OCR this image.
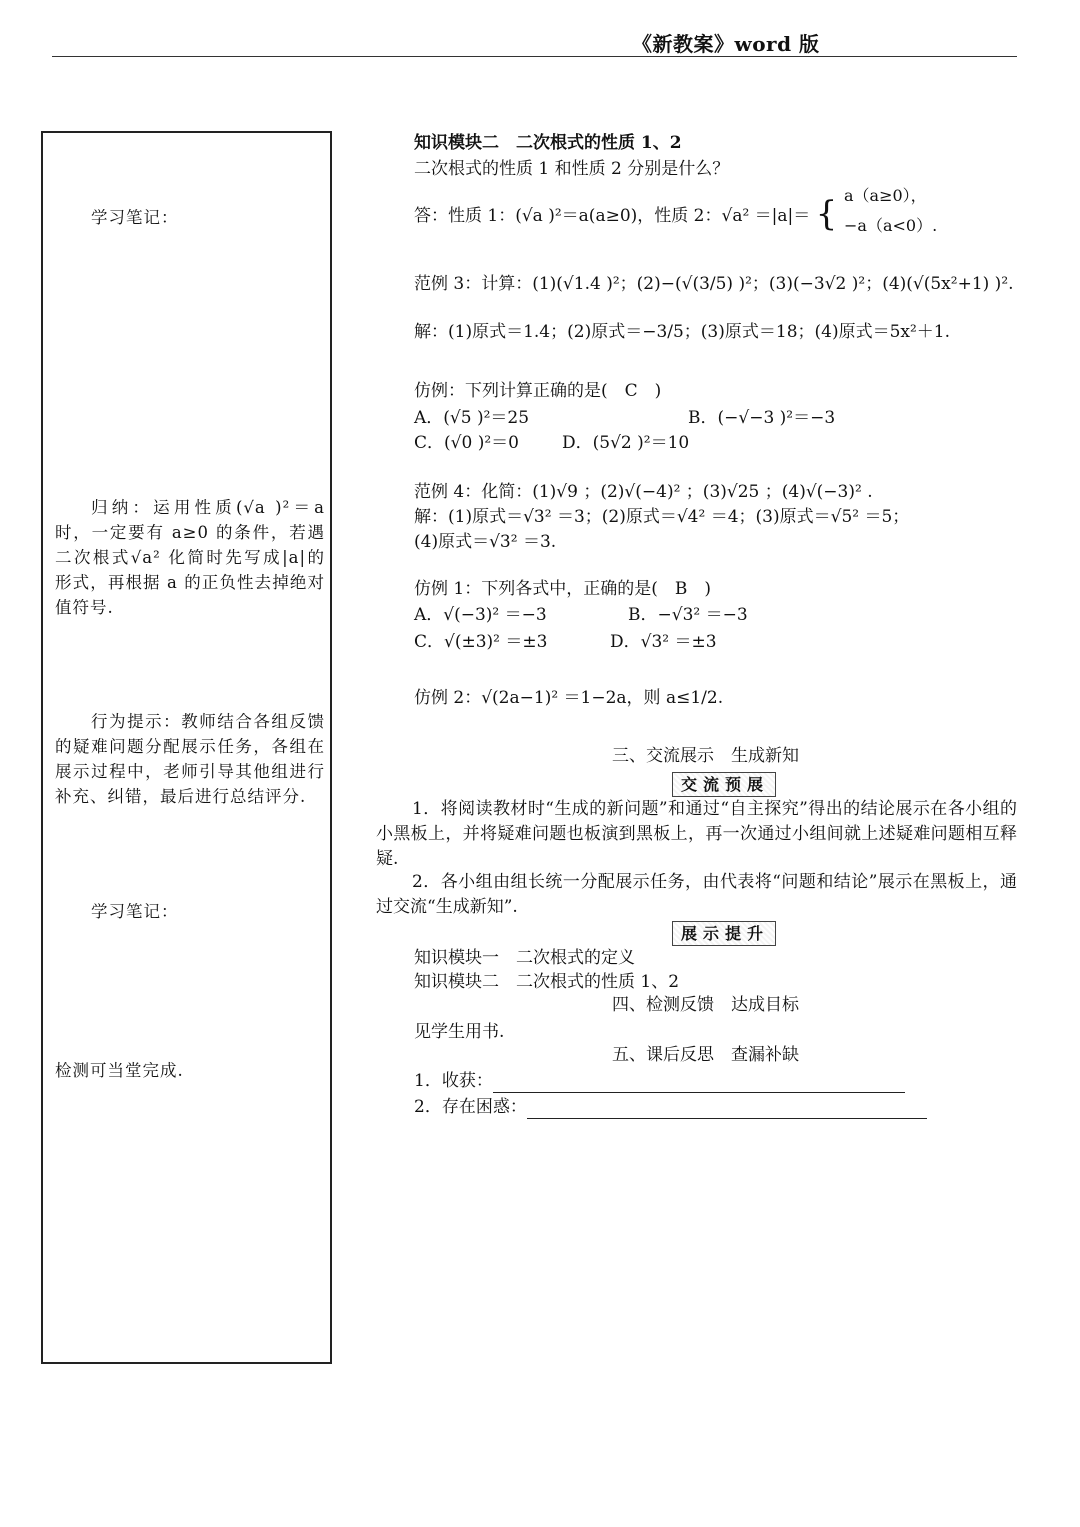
《新教案》word 版

学习笔记：

归纳：运用性质(√a )²＝a 时，一定要有 a≥0 的条件，若遇二次根式√a² 化简时先写成|a|的形式，再根据 a 的正负性去掉绝对值符号.

行为提示：教师结合各组反馈的疑难问题分配展示任务，各组在展示过程中，老师引导其他组进行补充、纠错，最后进行总结评分.

学习笔记：

检测可当堂完成.

知识模块二　二次根式的性质 1、2
二次根式的性质 1 和性质 2 分别是什么？
答：性质 1：(√a )²＝a(a≥0)，性质 2：√a² ＝|a|＝ { a（a≥0），
−a（a<0）.
范例 3：计算：(1)(√1.4 )²；(2)−(√(3/5) )²；(3)(−3√2 )²；(4)(√(5x²+1) )².
解：(1)原式＝1.4；(2)原式＝−3/5；(3)原式＝18；(4)原式＝5x²＋1.
仿例：下列计算正确的是(　C　)
A．(√5 )²＝25	B．(−√−3 )²＝−3
C．(√0 )²＝0	D．(5√2 )²＝10
范例 4：化简：(1)√9 ；(2)√(−4)² ；(3)√25 ；(4)√(−3)² .
解：(1)原式＝√3² ＝3；(2)原式＝√4² ＝4；(3)原式＝√5² ＝5；
(4)原式＝√3² ＝3.
仿例 1：下列各式中，正确的是(　B　)
A．√(−3)² ＝−3	B．−√3² ＝−3
C．√(±3)² ＝±3	D．√3² ＝±3
仿例 2：√(2a−1)² ＝1−2a，则 a≤1/2.
三、交流展示　生成新知
交流预展
1．将阅读教材时“生成的新问题”和通过“自主探究”得出的结论展示在各小组的小黑板上，并将疑难问题也板演到黑板上，再一次通过小组间就上述疑难问题相互释疑.
2．各小组由组长统一分配展示任务，由代表将“问题和结论”展示在黑板上，通过交流“生成新知”.
展示提升
知识模块一　二次根式的定义
知识模块二　二次根式的性质 1、2
四、检测反馈　达成目标
见学生用书.
五、课后反思　查漏补缺
1．收获：
2．存在困惑：
